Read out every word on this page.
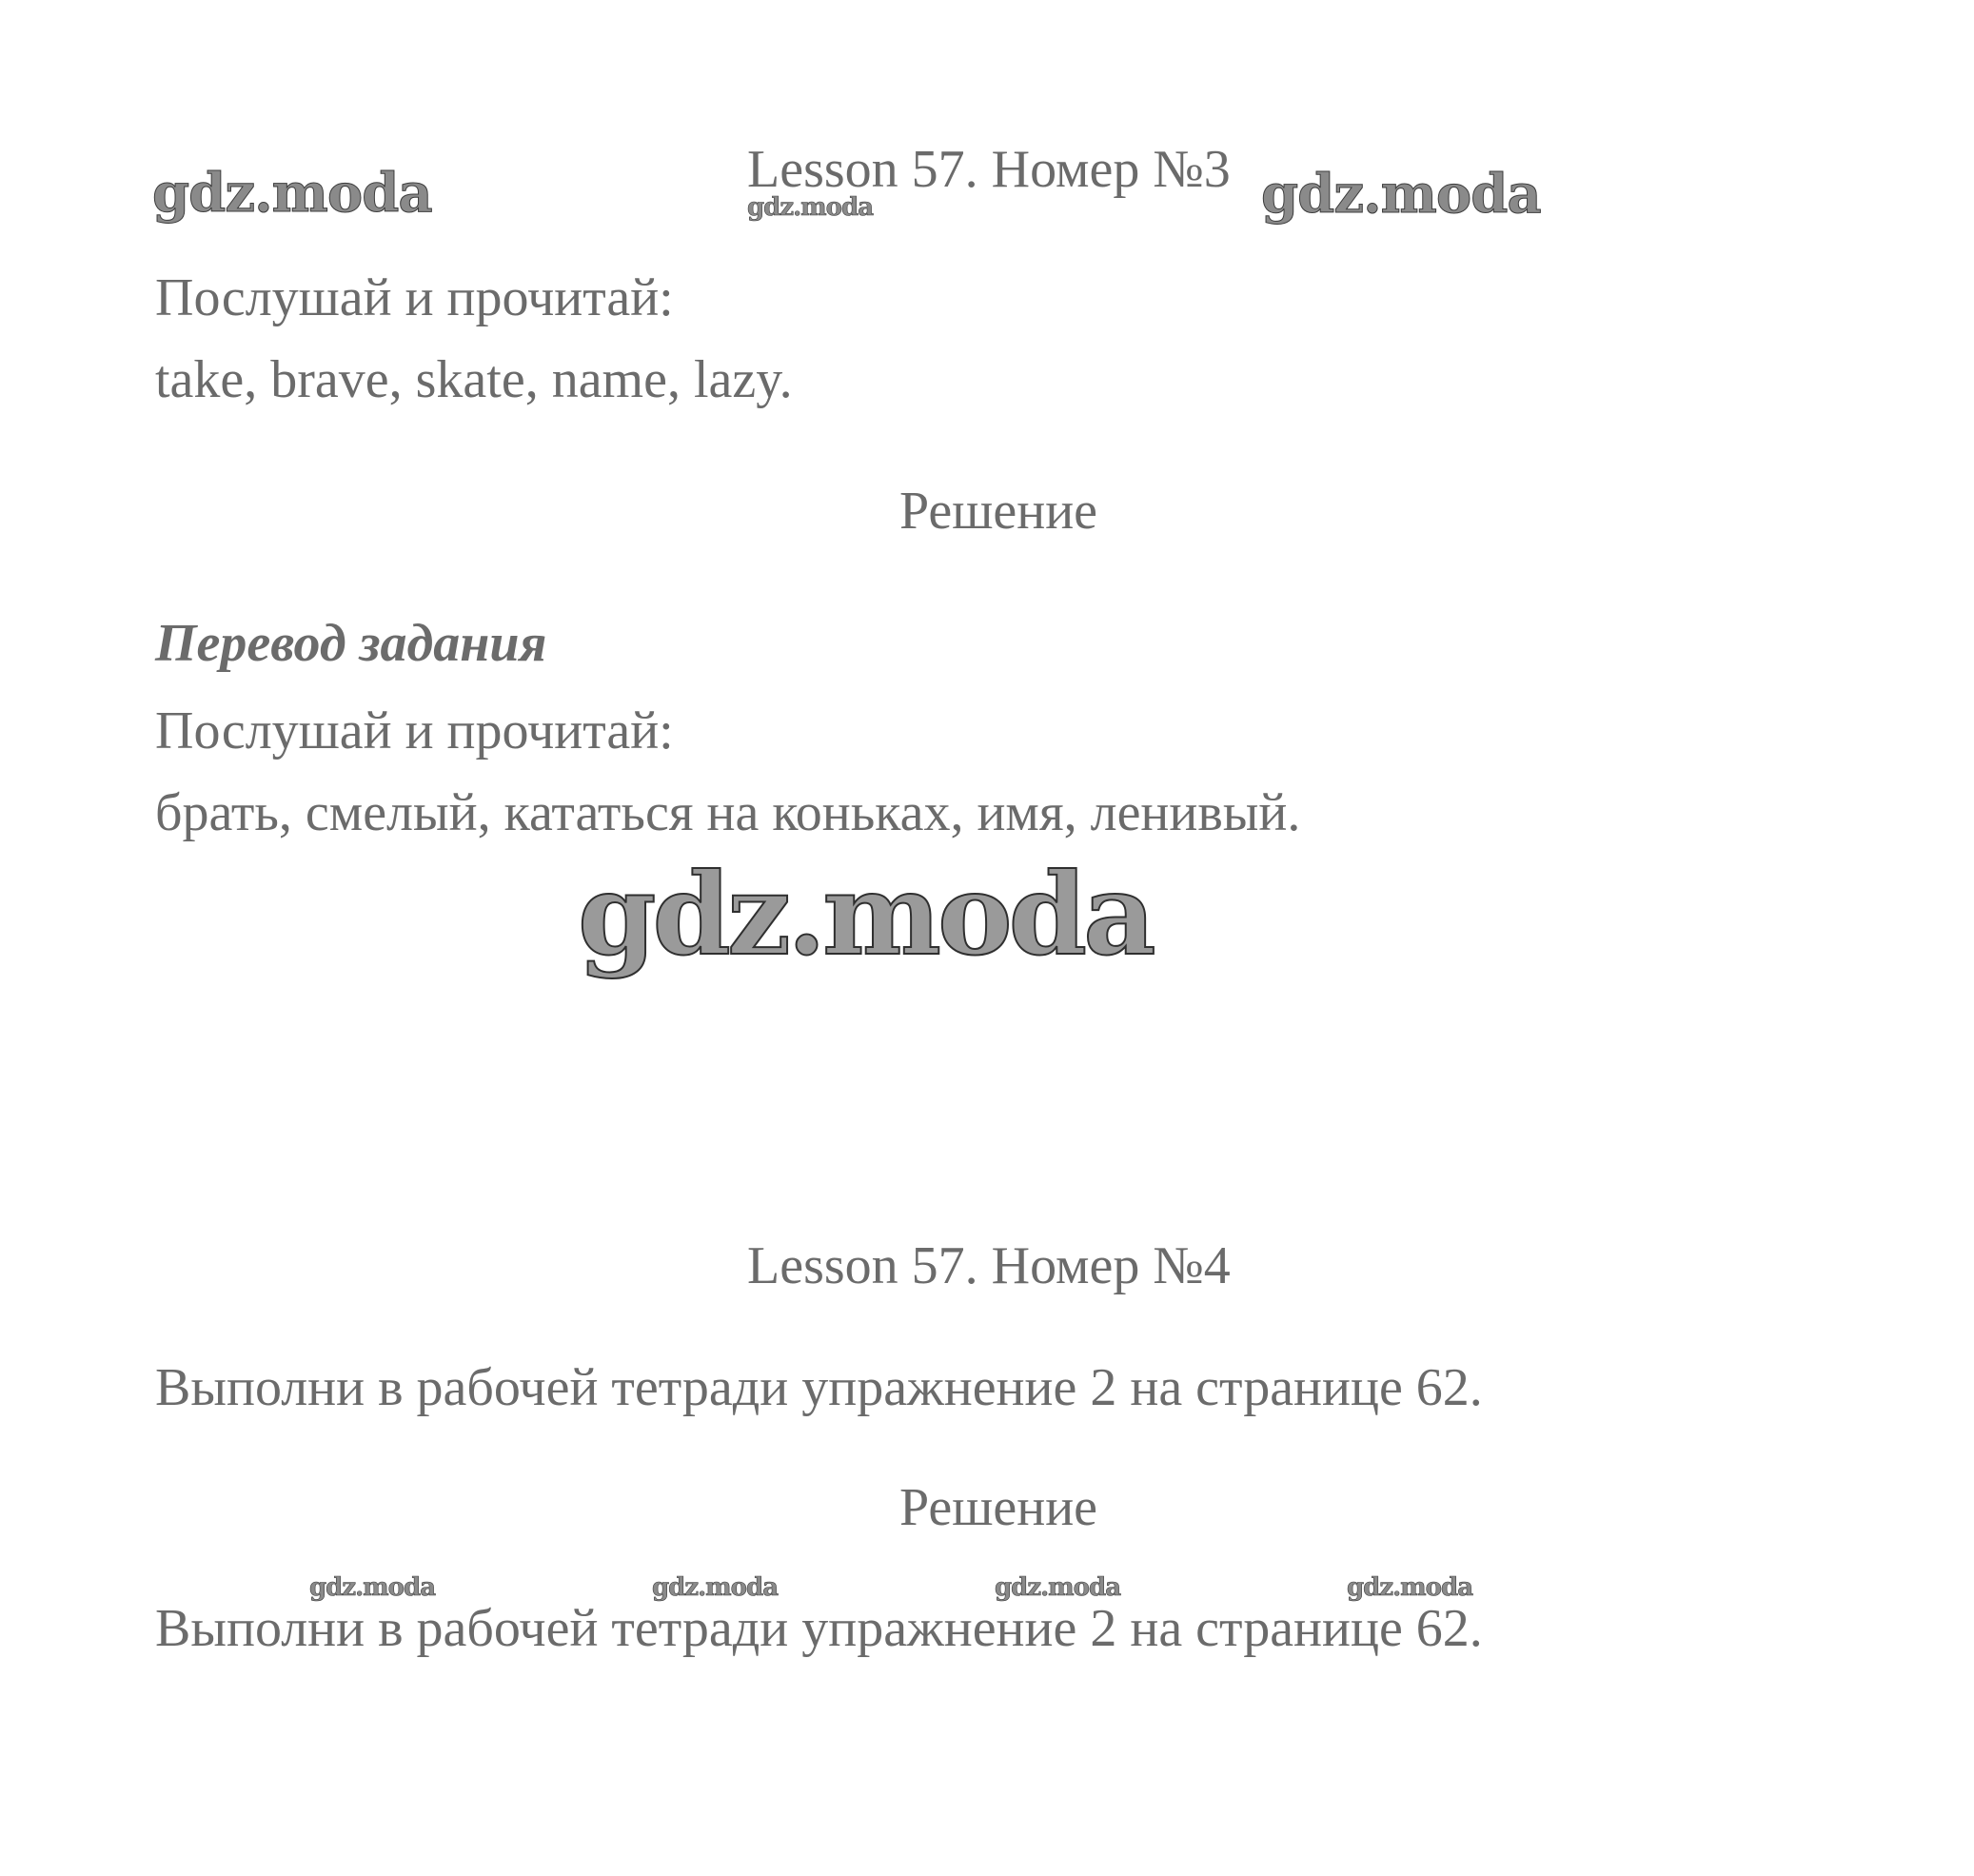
Lesson 57. Номер №3
Послушай и прочитай:
take, brave, skate, name, lazy.
Решение
Перевод задания
Послушай и прочитай:
брать, смелый, кататься на коньках, имя, ленивый.
Lesson 57. Номер №4
Выполни в рабочей тетради упражнение 2 на странице 62.
Решение
Выполни в рабочей тетради упражнение 2 на странице 62.
gdz.moda	gdz.moda	gdz.moda
gdz.moda
gdz.moda	gdz.moda	gdz.moda	gdz.moda
